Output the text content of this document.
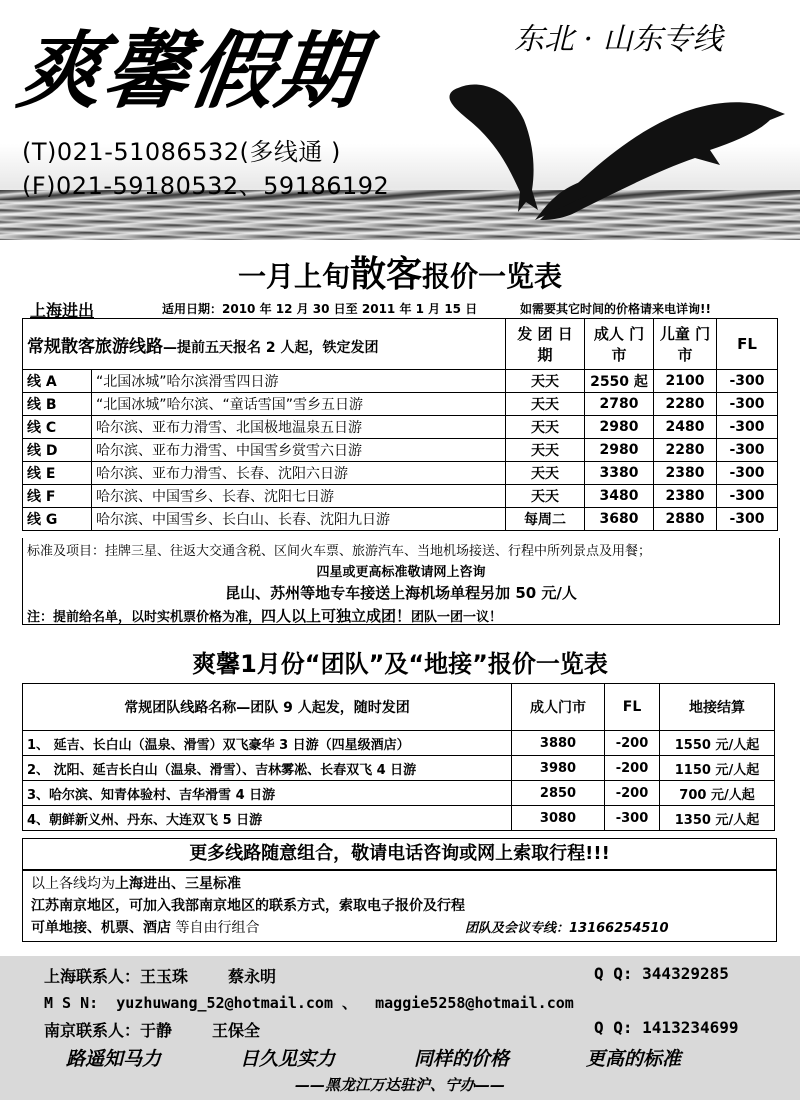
爽馨假期	东北 · 山东专线
(T)021-51086532(多线通 )
(F)021-59180532、59186192
一月上旬散客报价一览表
上海进出	适用日期：2010 年 12 月 30 日至 2011 年 1 月 15 日	如需要其它时间的价格请来电详询!!
常规散客旅游线路—提前五天报名 2 人起，铁定发团		发 团 日期	成人 门市	儿童 门市	FL
线 A	“北国冰城”哈尔滨滑雪四日游	天天	2550 起	2100	-300
线 B	“北国冰城”哈尔滨、“童话雪国”雪乡五日游	天天	2780	2280	-300
线 C	哈尔滨、亚布力滑雪、北国极地温泉五日游	天天	2980	2480	-300
线 D	哈尔滨、亚布力滑雪、中国雪乡赏雪六日游	天天	2980	2280	-300
线 E	哈尔滨、亚布力滑雪、长春、沈阳六日游	天天	3380	2380	-300
线 F	哈尔滨、中国雪乡、长春、沈阳七日游	天天	3480	2380	-300
线 G	哈尔滨、中国雪乡、长白山、长春、沈阳九日游	每周二	3680	2880	-300
标准及项目：挂牌三星、往返大交通含税、区间火车票、旅游汽车、当地机场接送、行程中所列景点及用餐；
四星或更高标准敬请网上咨询
昆山、苏州等地专车接送上海机场单程另加 50 元/人
注：提前给名单，以时实机票价格为准，四人以上可独立成团！团队一团一议！
爽馨1月份“团队”及“地接”报价一览表
常规团队线路名称—团队 9 人起发，随时发团	成人门市	FL	地接结算
1、 延吉、长白山（温泉、滑雪）双飞豪华 3 日游（四星级酒店）	3880	-200	1550 元/人起
2、 沈阳、延吉长白山（温泉、滑雪）、吉林雾凇、长春双飞 4 日游	3980	-200	1150 元/人起
3、哈尔滨、知青体验村、吉华滑雪 4 日游	2850	-200	700 元/人起
4、朝鲜新义州、丹东、大连双飞 5 日游	3080	-300	1350 元/人起
更多线路随意组合，敬请电话咨询或网上索取行程!!!
以上各线均为上海进出、三星标准
江苏南京地区，可加入我部南京地区的联系方式，索取电子报价及行程
可单地接、机票、酒店 等自由行组合	团队及会议专线：13166254510
上海联系人：王玉珠	蔡永明	Q Q: 344329285
M S N: yuzhuwang_52@hotmail.com 、 maggie5258@hotmail.com
南京联系人：于静	王保全	Q Q: 1413234699
路遥知马力	日久见实力	同样的价格	更高的标准
——黑龙江万达驻沪、宁办——
